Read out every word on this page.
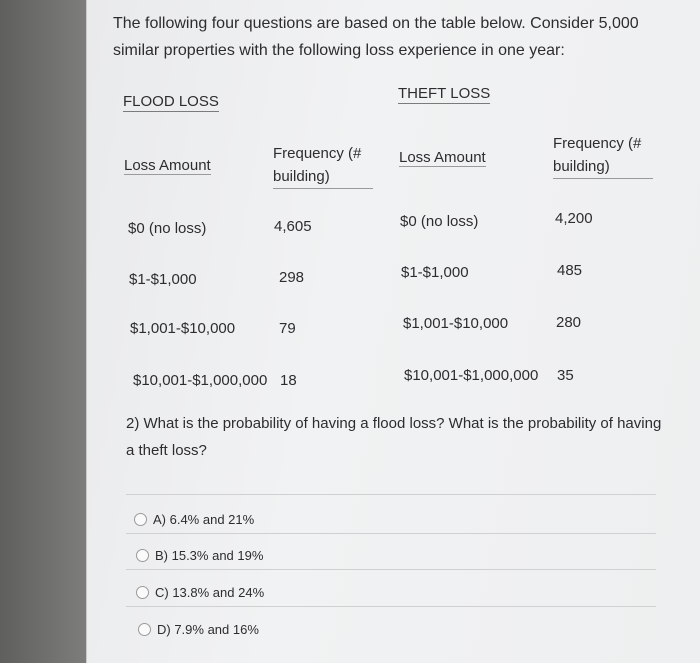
The following four questions are based on the table below. Consider 5,000 similar properties with the following loss experience in one year:
FLOOD LOSS
Loss Amount
Frequency (# building)
$0 (no loss)	4,605
$1-$1,000	298
$1,001-$10,000	79
$10,001-$1,000,000 18
THEFT LOSS
Loss Amount
Frequency (# building)
$0 (no loss)	4,200
$1-$1,000	485
$1,001-$10,000	280
$10,001-$1,000,000 35
2) What is the probability of having a flood loss? What is the probability of having a theft loss?
A) 6.4% and 21%
B) 15.3% and 19%
C) 13.8% and 24%
D) 7.9% and 16%
